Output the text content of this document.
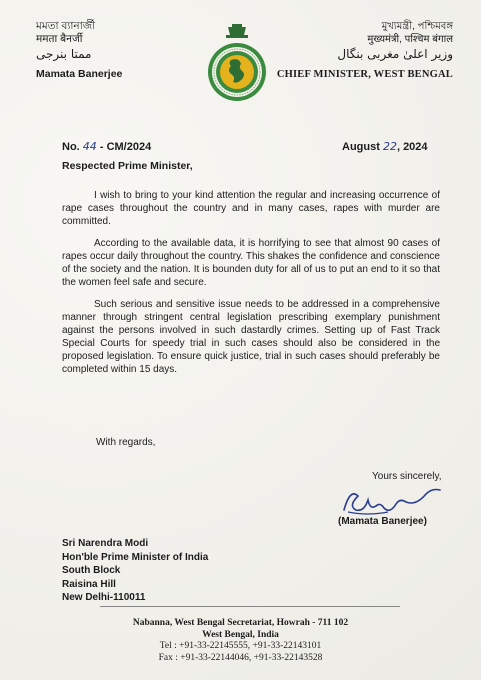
মমতা ব্যানার্জী
ममता बैनर्जी
ممتا بنرجی
Mamata Banerjee
মুখ্যমন্ত্রী, পশ্চিমবঙ্গ
मुख्यमंत्री, पश्चिम बंगाल
وزیر اعلیٰ مغربی بنگال
CHIEF MINISTER, WEST BENGAL
No. 44 - CM/2024	August 22, 2024
Respected Prime Minister,

I wish to bring to your kind attention the regular and increasing occurrence of rape cases throughout the country and in many cases, rapes with murder are committed.

According to the available data, it is horrifying to see that almost 90 cases of rapes occur daily throughout the country. This shakes the confidence and conscience of the society and the nation. It is bounden duty for all of us to put an end to it so that the women feel safe and secure.

Such serious and sensitive issue needs to be addressed in a comprehensive manner through stringent central legislation prescribing exemplary punishment against the persons involved in such dastardly crimes. Setting up of Fast Track Special Courts for speedy trial in such cases should also be considered in the proposed legislation. To ensure quick justice, trial in such cases should preferably be completed within 15 days.

With regards,
Yours sincerely,
(Mamata Banerjee)
Sri Narendra Modi
Hon'ble Prime Minister of India
South Block
Raisina Hill
New Delhi-110011
Nabanna, West Bengal Secretariat, Howrah - 711 102
West Bengal, India
Tel : +91-33-22145555, +91-33-22143101
Fax : +91-33-22144046, +91-33-22143528
